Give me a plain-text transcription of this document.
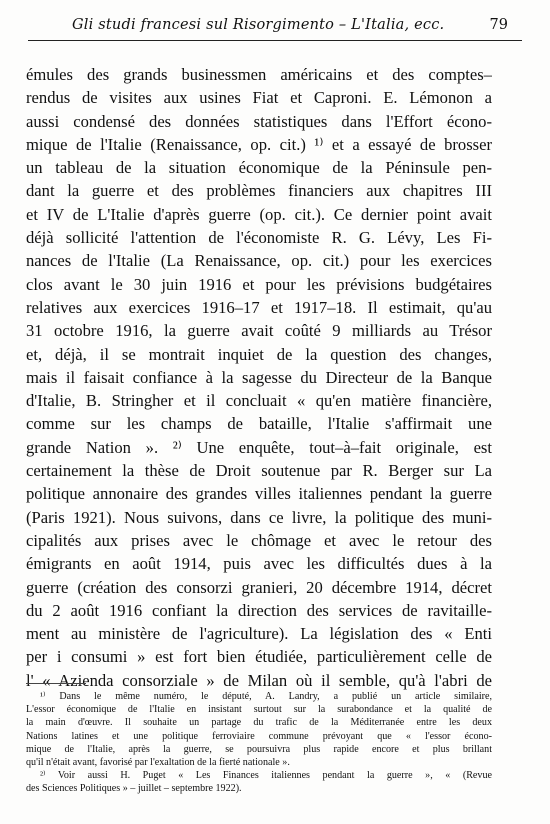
Gli studi francesi sul Risorgimento – L'Italia, ecc.	79
émules des grands businessmen américains et des comptes–
rendus de visites aux usines Fiat et Caproni. E. Lémonon a
aussi condensé des données statistiques dans l'Effort écono-
mique de l'Italie (Renaissance, op. cit.) ¹⁾ et a essayé de brosser
un tableau de la situation économique de la Péninsule pen-
dant la guerre et des problèmes financiers aux chapitres III
et IV de L'Italie d'après guerre (op. cit.). Ce dernier point avait
déjà sollicité l'attention de l'économiste R. G. Lévy, Les Fi-
nances de l'Italie (La Renaissance, op. cit.) pour les exercices
clos avant le 30 juin 1916 et pour les prévisions budgétaires
relatives aux exercices 1916–17 et 1917–18. Il estimait, qu'au
31 octobre 1916, la guerre avait coûté 9 milliards au Trésor
et, déjà, il se montrait inquiet de la question des changes,
mais il faisait confiance à la sagesse du Directeur de la Banque
d'Italie, B. Stringher et il concluait « qu'en matière financière,
comme sur les champs de bataille, l'Italie s'affirmait une
grande Nation ». ²⁾ Une enquête, tout–à–fait originale, est
certainement la thèse de Droit soutenue par R. Berger sur La
politique annonaire des grandes villes italiennes pendant la guerre
(Paris 1921). Nous suivons, dans ce livre, la politique des muni-
cipalités aux prises avec le chômage et avec le retour des
émigrants en août 1914, puis avec les difficultés dues à la
guerre (création des consorzi granieri, 20 décembre 1914, décret
du 2 août 1916 confiant la direction des services de ravitaille-
ment au ministère de l'agriculture). La législation des « Enti
per i consumi » est fort bien étudiée, particulièrement celle de
l' « Azienda consorziale » de Milan où il semble, qu'à l'abri de
¹⁾ Dans le même numéro, le député, A. Landry, a publié un article similaire,
L'essor économique de l'Italie en insistant surtout sur la surabondance et la qualité de
la main d'œuvre. Il souhaite un partage du trafic de la Méditerranée entre les deux
Nations latines et une politique ferroviaire commune prévoyant que « l'essor écono-
mique de l'Italie, après la guerre, se poursuivra plus rapide encore et plus brillant
qu'il n'était avant, favorisé par l'exaltation de la fierté nationale ».
²⁾ Voir aussi H. Puget « Les Finances italiennes pendant la guerre », « (Revue
des Sciences Politiques » – juillet – septembre 1922).
